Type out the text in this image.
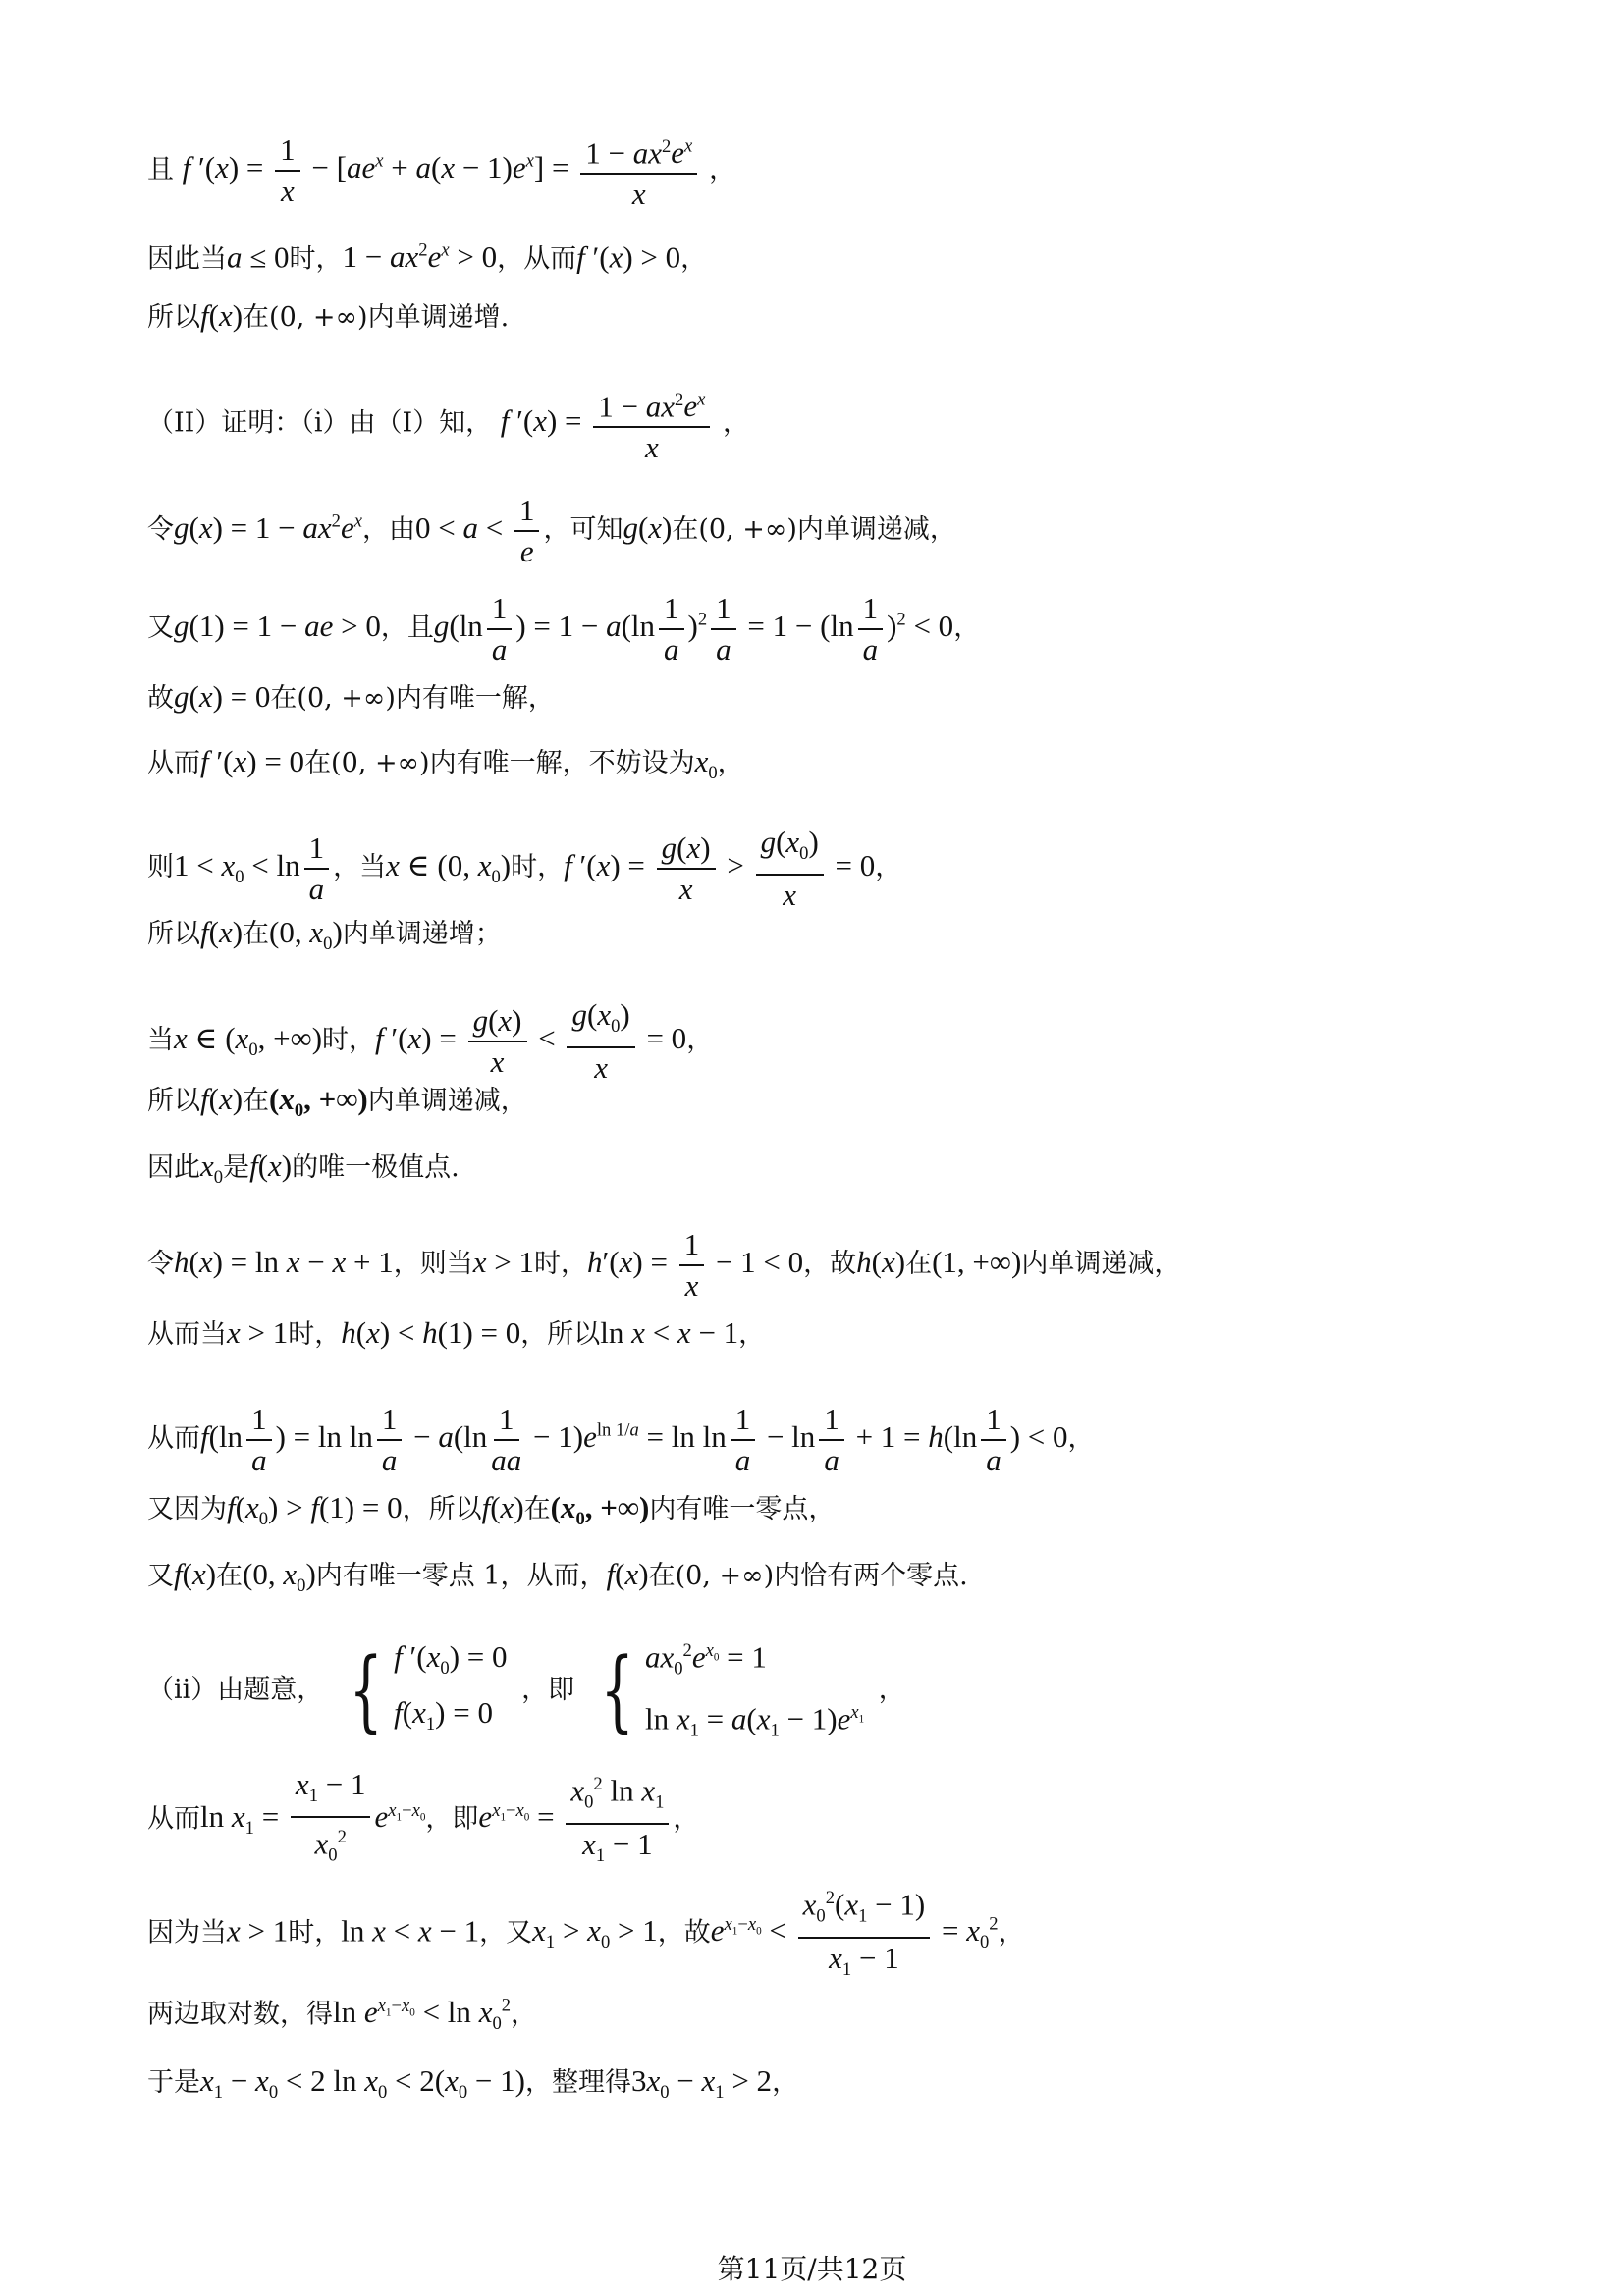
且 f $'(x) = \frac{1}{x} - [ae^x + a(x - 1)e^x] = \frac{1 - ax^2e^x}{x}$ ，
因此当a ≤ 0时，$1 - ax^2e^x > 0$，从而f ′(x) > 0，
所以f(x)在(0, +∞)内单调递增.
（II）证明：（i）由（I）知， f $'(x) = \frac{1 - ax^2e^x}{x}$ ，
令$g(x) = 1 - ax^2e^x$，由$0 < a < \frac{1}{e}$ ，可知g(x)在(0, +∞)内单调递减，
又g(1) = 1 − ae > 0，且$g(\ln \frac{1}{a}$ ) = $1 - a(\ln \frac{1}{a} )^2 \frac{1}{a} = 1 - (\ln \frac{1}{a} )^2 < 0$，
故g(x) = 0在(0, +∞)内有唯一解，
从而f ′(x) = 0在(0, +∞)内有唯一解，不妨设为$x_0$，
则$1 < x_0 < \ln \frac{1}{a}$ ，当x ∈ (0, $x_0$)时，f $'(x) = \frac{g(x)}{x} > \frac{g(x_0)}{x} = 0$，
所以f(x)在(0, $x_0$)内单调递增；
当x ∈ ($x_0$, +∞)时，f $'(x) = \frac{g(x)}{x} < \frac{g(x_0)}{x} = 0$，
所以f(x)在($x_0$, +∞)内单调递减，
因此$x_0$是f(x)的唯一极值点.
令h(x) = ln x − x + 1，则当x > 1时，$h'(x) = \frac{1}{x} - 1 < 0$，故h(x)在(1, +∞)内单调递减，
从而当x > 1时，h(x) < h(1) = 0，所以ln x < x − 1，
从而$f(\ln \frac{1}{a}$ ) = $\ln \ln \frac{1}{a} - a(\ln \frac{1}{aa} - 1)e^{ln 1/a} = \ln \ln \frac{1}{a} - \ln \frac{1}{a} + 1 = h(\ln \frac{1}{a}$ ) < 0，
又因为$f(x_0) > f(1) = 0$，所以f(x)在($x_0$, +∞)内有唯一零点，
又f(x)在(0, $x_0$)内有唯一零点 1，从而，f(x)在(0, +∞)内恰有两个零点.
（ii）由题意， { f $'(x_0) = 0$
$f(x_1) = 0$
，即 { $ax_0^2e^{x_0} = 1$
$\ln x_1 = a(x_1 - 1)e^{x_1}$
，
从而$\ln x_1 = \frac{x_1 - 1}{x_0^2} e^{x_1-x_0}$，即$e^{x_1-x_0} = \frac{x_0^2 \ln x_1}{x_1 - 1}$ ，
因为当x > 1时，ln x < x − 1，又$x_1 > x_0 > 1$，故$e^{x_1-x_0} < \frac{x_0^2(x_1 - 1)}{x_1 - 1} = x_0^2$，
两边取对数，得$\ln e^{x_1-x_0} < \ln x_0^2$，
于是$x_1 - x_0 < 2$ $\ln x_0 < 2(x_0 - 1)$，整理得$3x_0 - x_1 > 2$，
第11页/共12页
